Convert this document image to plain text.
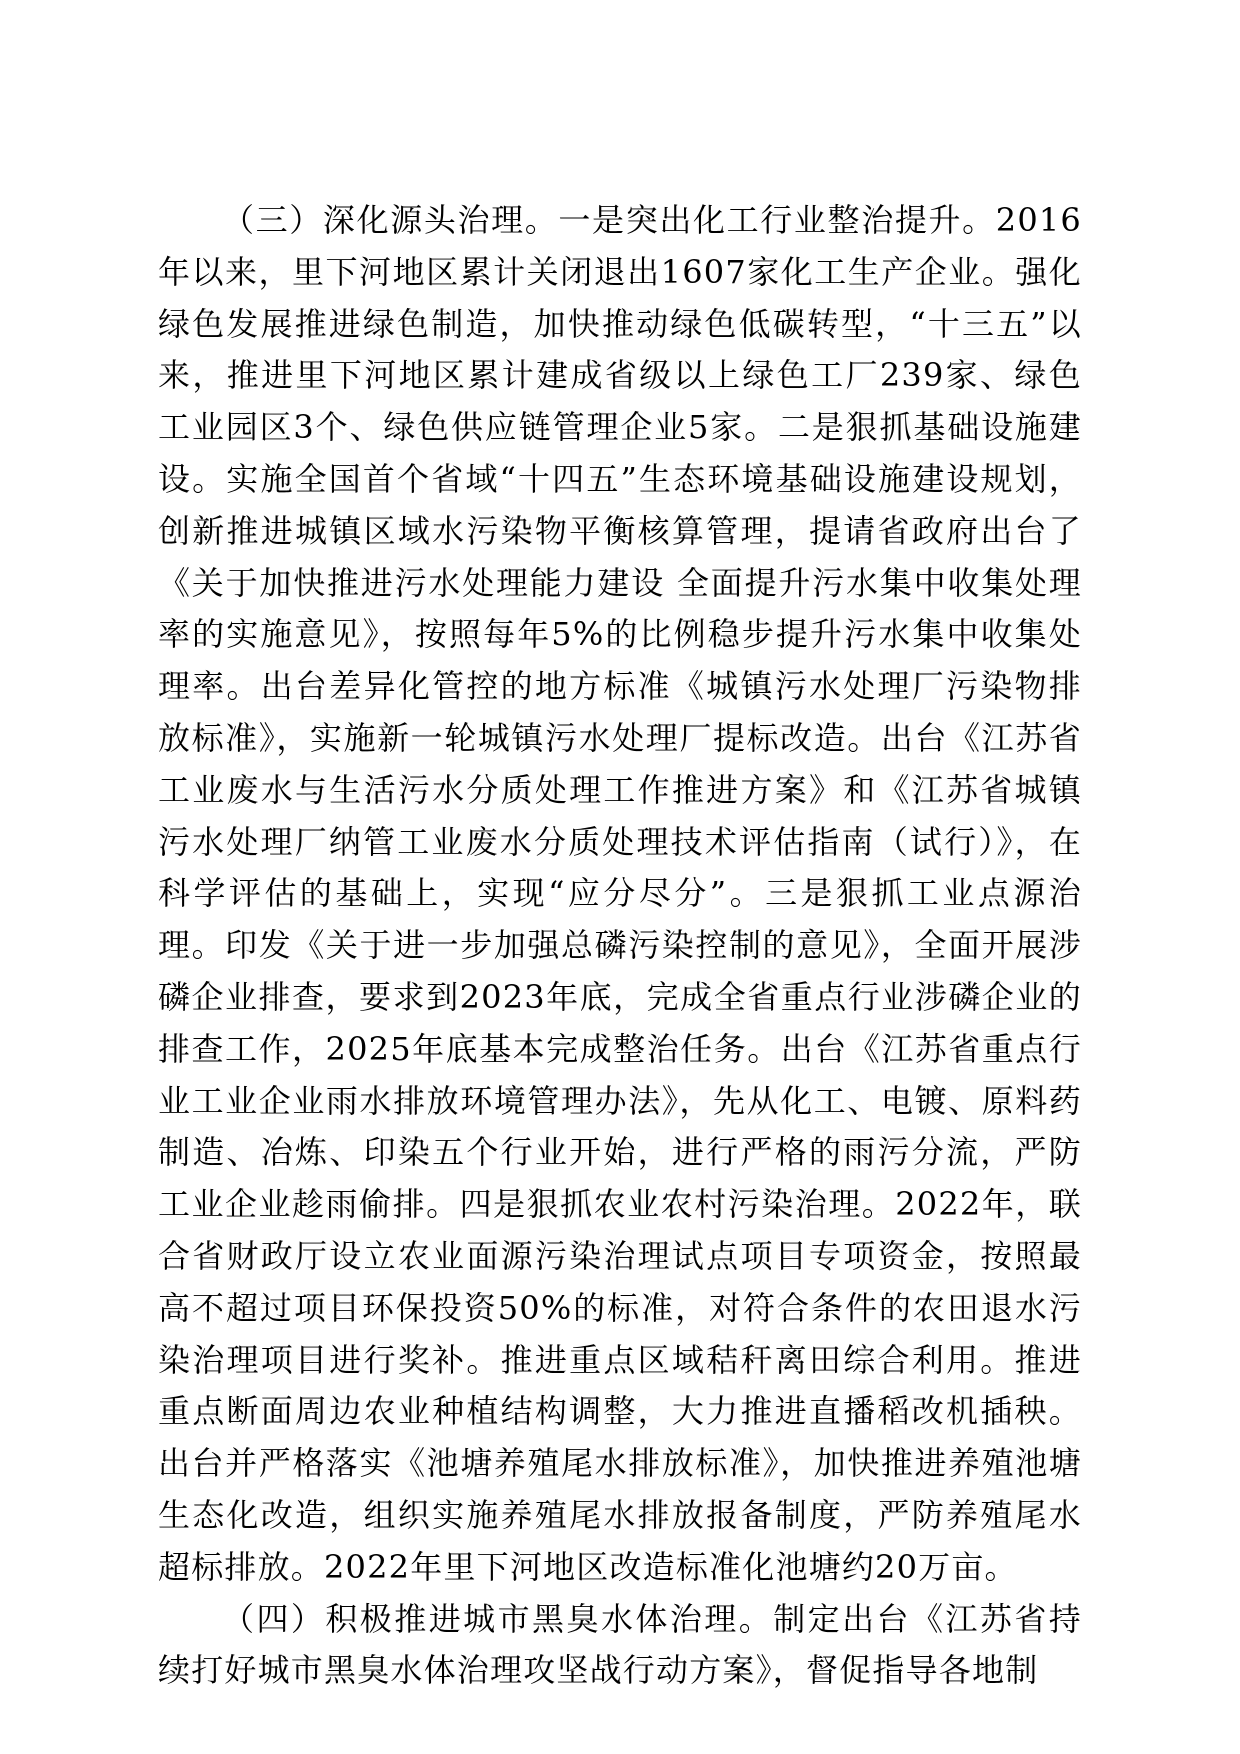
（三）深化源头治理。一是突出化工行业整治提升。2016年以来，里下河地区累计关闭退出1607家化工生产企业。强化绿色发展推进绿色制造，加快推动绿色低碳转型，“十三五”以来，推进里下河地区累计建成省级以上绿色工厂239家、绿色工业园区3个、绿色供应链管理企业5家。二是狠抓基础设施建设。实施全国首个省域“十四五”生态环境基础设施建设规划，创新推进城镇区域水污染物平衡核算管理，提请省政府出台了《关于加快推进污水处理能力建设 全面提升污水集中收集处理率的实施意见》，按照每年5%的比例稳步提升污水集中收集处理率。出台差异化管控的地方标准《城镇污水处理厂污染物排放标准》，实施新一轮城镇污水处理厂提标改造。出台《江苏省工业废水与生活污水分质处理工作推进方案》和《江苏省城镇污水处理厂纳管工业废水分质处理技术评估指南（试行）》，在科学评估的基础上，实现“应分尽分”。三是狠抓工业点源治理。印发《关于进一步加强总磷污染控制的意见》，全面开展涉磷企业排查，要求到2023年底，完成全省重点行业涉磷企业的排查工作，2025年底基本完成整治任务。出台《江苏省重点行业工业企业雨水排放环境管理办法》，先从化工、电镀、原料药制造、冶炼、印染五个行业开始，进行严格的雨污分流，严防工业企业趁雨偷排。四是狠抓农业农村污染治理。2022年，联合省财政厅设立农业面源污染治理试点项目专项资金，按照最高不超过项目环保投资50%的标准，对符合条件的农田退水污染治理项目进行奖补。推进重点区域秸秆离田综合利用。推进重点断面周边农业种植结构调整，大力推进直播稻改机插秧。出台并严格落实《池塘养殖尾水排放标准》，加快推进养殖池塘生态化改造，组织实施养殖尾水排放报备制度，严防养殖尾水超标排放。2022年里下河地区改造标准化池塘约20万亩。

（四）积极推进城市黑臭水体治理。制定出台《江苏省持续打好城市黑臭水体治理攻坚战行动方案》，督促指导各地制
